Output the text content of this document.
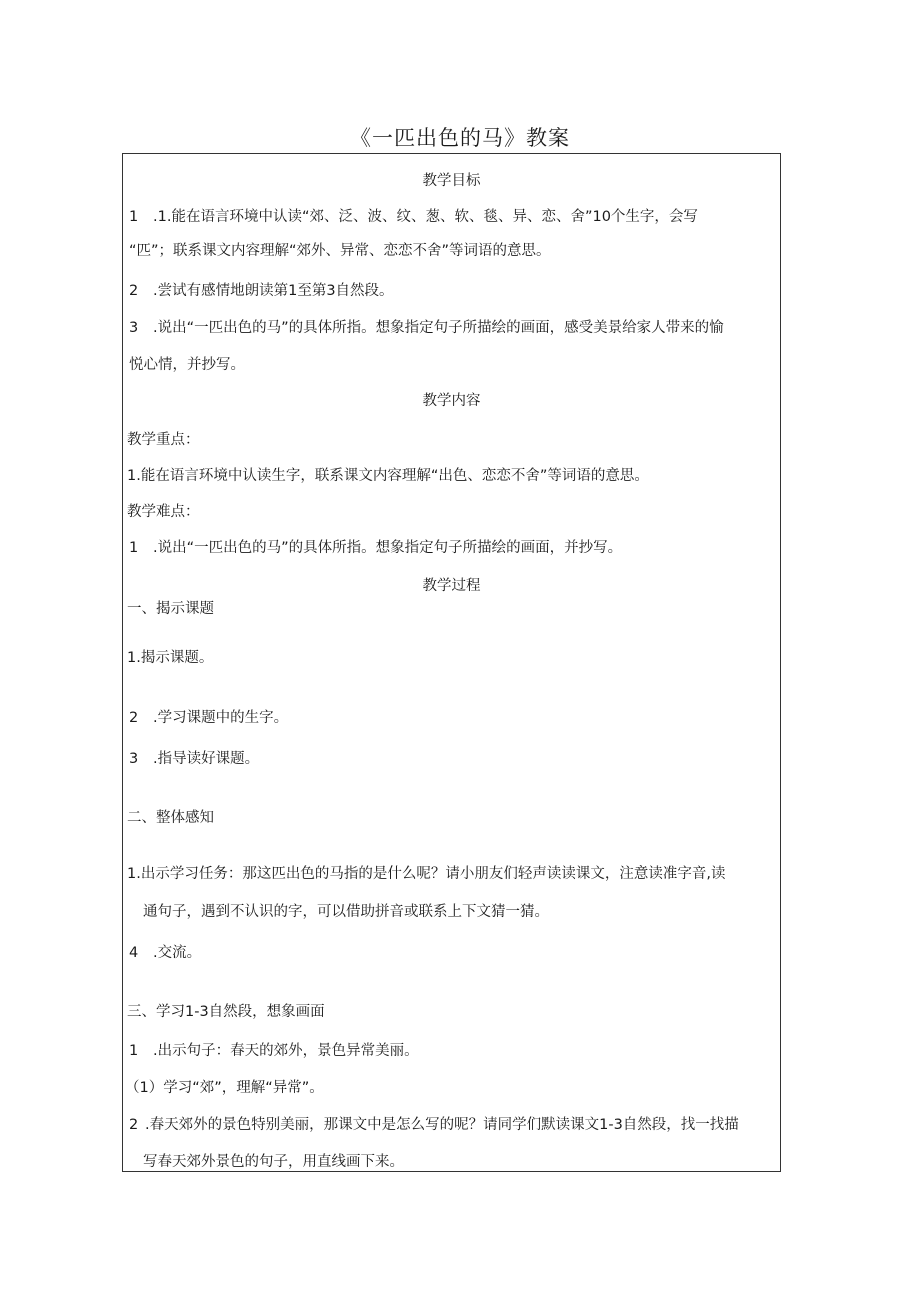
《一匹出色的马》教案
教学目标
1 .1.能在语言环境中认读“郊、泛、波、纹、葱、软、毯、异、恋、舍”10个生字，会写
“匹”；联系课文内容理解“郊外、异常、恋恋不舍”等词语的意思。
2 .尝试有感情地朗读第1至第3自然段。
3 .说出“一匹出色的马”的具体所指。想象指定句子所描绘的画面，感受美景给家人带来的愉
悦心情，并抄写。
教学内容
教学重点：
1.能在语言环境中认读生字，联系课文内容理解“出色、恋恋不舍”等词语的意思。
教学难点：
1 .说出“一匹出色的马”的具体所指。想象指定句子所描绘的画面，并抄写。
教学过程
一、揭示课题
1.揭示课题。
2 .学习课题中的生字。
3 .指导读好课题。
二、整体感知
1.出示学习任务：那这匹出色的马指的是什么呢？请小朋友们轻声读读课文，注意读准字音,读
通句子，遇到不认识的字，可以借助拼音或联系上下文猜一猜。
4 .交流。
三、学习1-3自然段，想象画面
1 .出示句子：春天的郊外，景色异常美丽。
（1）学习“郊”，理解“异常”。
2 .春天郊外的景色特别美丽，那课文中是怎么写的呢？请同学们默读课文1-3自然段，找一找描
写春天郊外景色的句子，用直线画下来。
